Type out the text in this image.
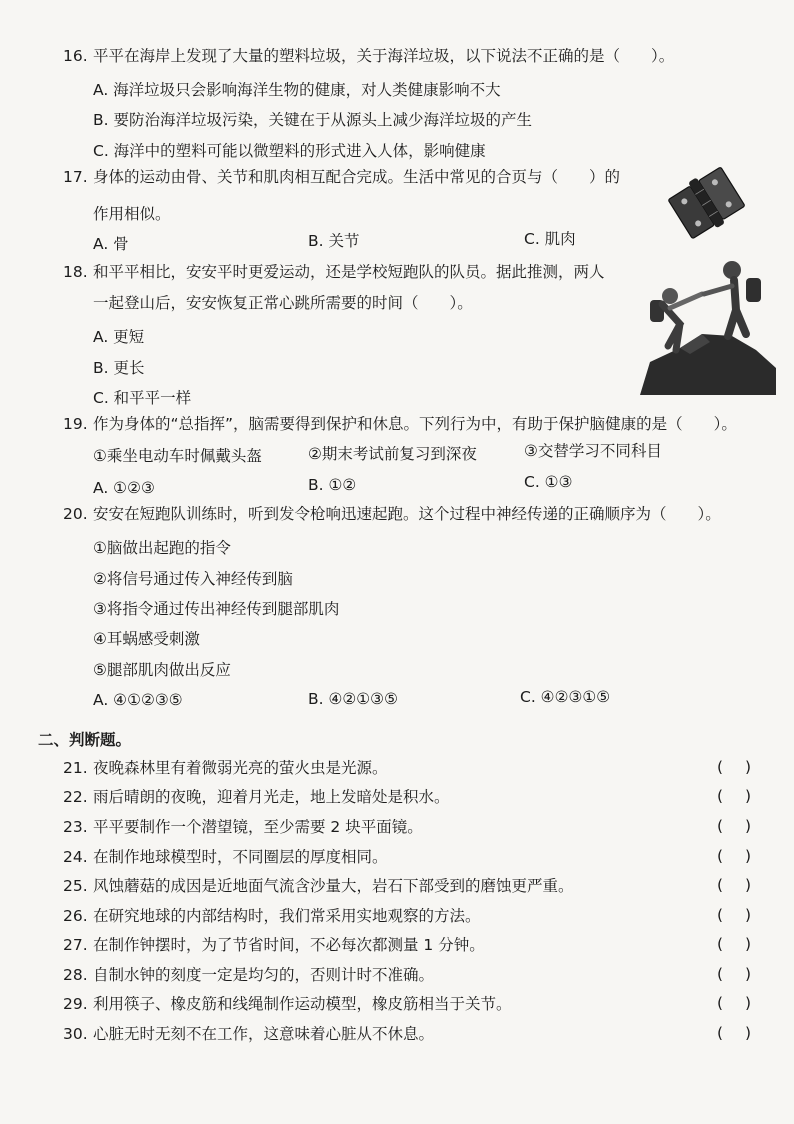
16. 平平在海岸上发现了大量的塑料垃圾，关于海洋垃圾，以下说法不正确的是（　　）。
A. 海洋垃圾只会影响海洋生物的健康，对人类健康影响不大
B. 要防治海洋垃圾污染，关键在于从源头上减少海洋垃圾的产生
C. 海洋中的塑料可能以微塑料的形式进入人体，影响健康
17. 身体的运动由骨、关节和肌肉相互配合完成。生活中常见的合页与（　　）的
作用相似。
A. 骨	B. 关节	C. 肌肉
18. 和平平相比，安安平时更爱运动，还是学校短跑队的队员。据此推测，两人
一起登山后，安安恢复正常心跳所需要的时间（　　）。
A. 更短
B. 更长
C. 和平平一样
19. 作为身体的“总指挥”，脑需要得到保护和休息。下列行为中，有助于保护脑健康的是（　　）。
①乘坐电动车时佩戴头盔	②期末考试前复习到深夜	③交替学习不同科目
A. ①②③	B. ①②	C. ①③
20. 安安在短跑队训练时，听到发令枪响迅速起跑。这个过程中神经传递的正确顺序为（　　）。
①脑做出起跑的指令
②将信号通过传入神经传到脑
③将指令通过传出神经传到腿部肌肉
④耳蜗感受刺激
⑤腿部肌肉做出反应
A. ④①②③⑤	B. ④②①③⑤	C. ④②③①⑤
二、判断题。
21. 夜晚森林里有着微弱光亮的萤火虫是光源。	()
22. 雨后晴朗的夜晚，迎着月光走，地上发暗处是积水。	()
23. 平平要制作一个潜望镜，至少需要 2 块平面镜。	()
24. 在制作地球模型时，不同圈层的厚度相同。	()
25. 风蚀蘑菇的成因是近地面气流含沙量大，岩石下部受到的磨蚀更严重。	()
26. 在研究地球的内部结构时，我们常采用实地观察的方法。	()
27. 在制作钟摆时，为了节省时间，不必每次都测量 1 分钟。	()
28. 自制水钟的刻度一定是均匀的，否则计时不准确。	()
29. 利用筷子、橡皮筋和线绳制作运动模型，橡皮筋相当于关节。	()
30. 心脏无时无刻不在工作，这意味着心脏从不休息。	()
